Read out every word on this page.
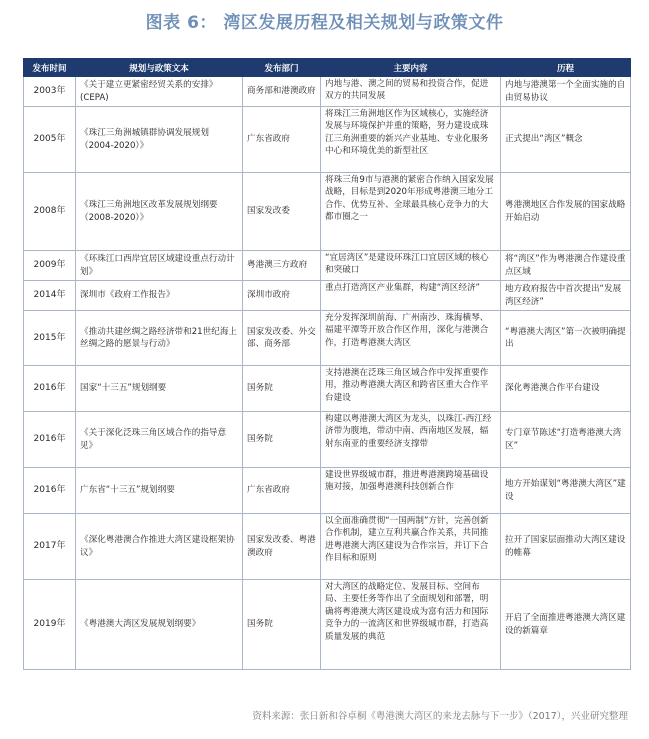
图表 6： 湾区发展历程及相关规划与政策文件
发布时间	规划与政策文本	发布部门	主要内容	历程
2003年	《关于建立更紧密经贸关系的安排》(CEPA)	商务部和港澳政府	内地与港、澳之间的贸易和投资合作，促进双方的共同发展	内地与港澳第一个全面实施的自由贸易协议
2005年	《珠江三角洲城镇群协调发展规划（2004-2020）》	广东省政府	将珠江三角洲地区作为区域核心，实施经济发展与环境保护并重的策略，努力建设成珠江三角洲重要的新兴产业基地、专业化服务中心和环境优美的新型社区	正式提出“湾区”概念
2008年	《珠江三角洲地区改革发展规划纲要（2008-2020）》	国家发改委	将珠三角9市与港澳的紧密合作纳入国家发展战略，目标是到2020年形成粤港澳三地分工合作、优势互补、全球最具核心竞争力的大都市圈之一	粤港澳地区合作发展的国家战略开始启动
2009年	《环珠江口西岸宜居区域建设重点行动计划》	粤港澳三方政府	“宜居湾区”是建设环珠江口宜居区域的核心和突破口	将“湾区”作为粤港澳合作建设重点区域
2014年	深圳市《政府工作报告》	深圳市政府	重点打造湾区产业集群，构建“湾区经济”	地方政府报告中首次提出“发展湾区经济”
2015年	《推动共建丝绸之路经济带和21世纪海上丝绸之路的愿景与行动》	国家发改委、外交部、商务部	充分发挥深圳前海、广州南沙、珠海横琴、福建平潭等开放合作区作用，深化与港澳合作，打造粤港澳大湾区	“粤港澳大湾区”第一次被明确提出
2016年	国家“十三五”规划纲要	国务院	支持港澳在泛珠三角区域合作中发挥重要作用，推动粤港澳大湾区和跨省区重大合作平台建设	深化粤港澳合作平台建设
2016年	《关于深化泛珠三角区域合作的指导意见》	国务院	构建以粤港澳大湾区为龙头，以珠江-西江经济带为腹地，带动中南、西南地区发展，辐射东南亚的重要经济支撑带	专门章节陈述“打造粤港澳大湾区”
2016年	广东省“十三五”规划纲要	广东省政府	建设世界级城市群，推进粤港澳跨境基础设施对接，加强粤港澳科技创新合作	地方开始谋划“粤港澳大湾区”建设
2017年	《深化粤港澳合作推进大湾区建设框架协议》	国家发改委、粤港澳政府	以全面准确贯彻“一国两制”方针，完善创新合作机制，建立互利共赢合作关系，共同推进粤港澳大湾区建设为合作宗旨，并订下合作目标和原则	拉开了国家层面推动大湾区建设的帷幕
2019年	《粤港澳大湾区发展规划纲要》	国务院	对大湾区的战略定位、发展目标、空间布局、主要任务等作出了全面规划和部署，明确将粤港澳大湾区建设成为富有活力和国际竞争力的一流湾区和世界级城市群，打造高质量发展的典范	开启了全面推进粤港澳大湾区建设的新篇章
资料来源：张日新和谷卓桐《粤港澳大湾区的来龙去脉与下一步》（2017），兴业研究整理
